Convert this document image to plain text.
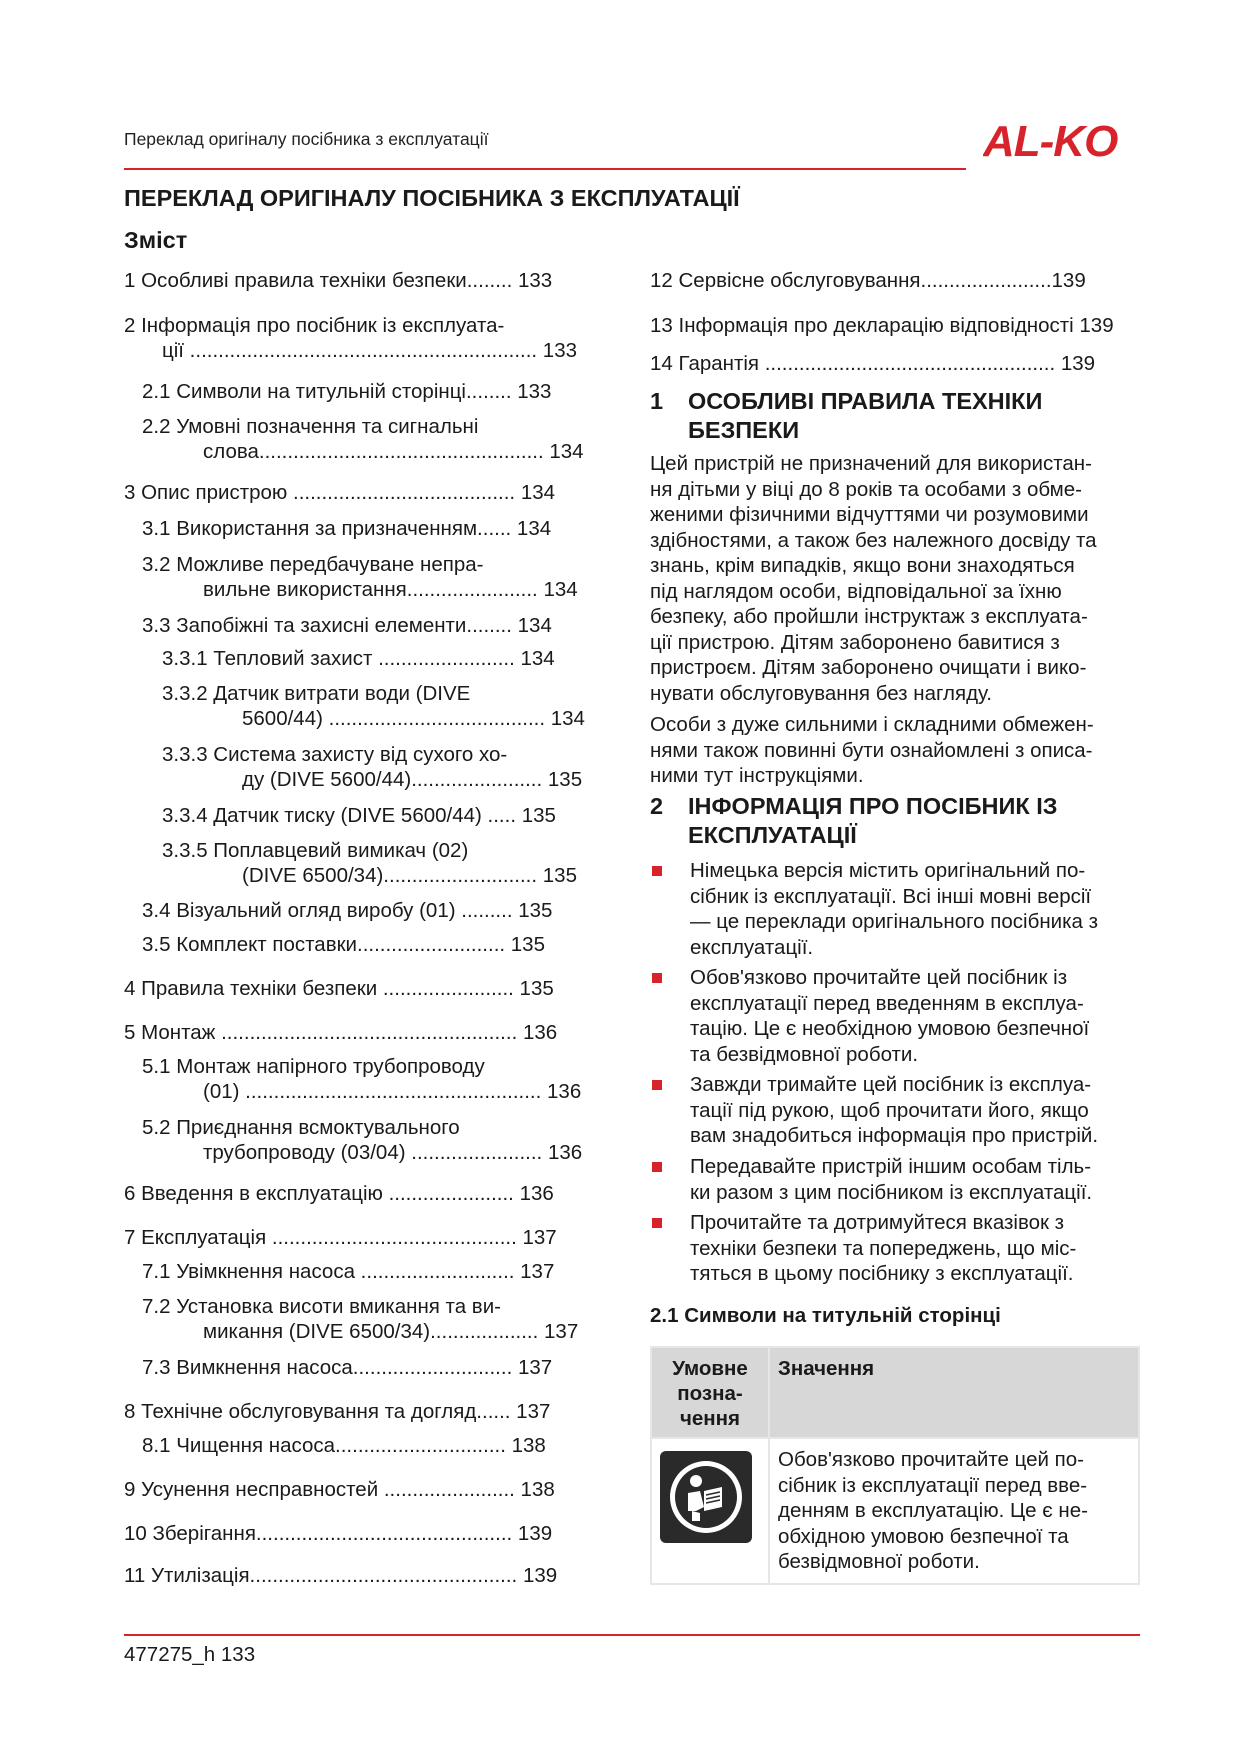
Переклад оригіналу посібника з експлуатації	AL-KO
ПЕРЕКЛАД ОРИГІНАЛУ ПОСІБНИКА З ЕКСПЛУАТАЦІЇ
Зміст
1 Особливі правила техніки безпеки........ 133
2 Інформація про посібник із експлуата-
ції ............................................................. 133
2.1 Символи на титульній сторінці........ 133
2.2 Умовні позначення та сигнальні
слова.................................................. 134
3 Опис пристрою ....................................... 134
3.1 Використання за призначенням...... 134
3.2 Можливе передбачуване непра-
вильне використання....................... 134
3.3 Запобіжні та захисні елементи........ 134
3.3.1 Тепловий захист ........................ 134
3.3.2 Датчик витрати води (DIVE
5600/44) ...................................... 134
3.3.3 Система захисту від сухого хо-
ду (DIVE 5600/44)....................... 135
3.3.4 Датчик тиску (DIVE 5600/44) ..... 135
3.3.5 Поплавцевий вимикач (02)
(DIVE 6500/34)........................... 135
3.4 Візуальний огляд виробу (01) ......... 135
3.5 Комплект поставки.......................... 135
4 Правила техніки безпеки ....................... 135
5 Монтаж .................................................... 136
5.1 Монтаж напірного трубопроводу
(01) .................................................... 136
5.2 Приєднання всмоктувального
трубопроводу (03/04) ....................... 136
6 Введення в експлуатацію ...................... 136
7 Експлуатація ........................................... 137
7.1 Увімкнення насоса ........................... 137
7.2 Установка висоти вмикання та ви-
микання (DIVE 6500/34)................... 137
7.3 Вимкнення насоса............................ 137
8 Технічне обслуговування та догляд...... 137
8.1 Чищення насоса.............................. 138
9 Усунення несправностей ....................... 138
10 Зберігання............................................. 139
11 Утилізація............................................... 139
12 Сервісне обслуговування.......................139
13 Інформація про декларацію відповідності 139
14 Гарантія ................................................... 139
1 ОСОБЛИВІ ПРАВИЛА ТЕХНІКИ
БЕЗПЕКИ
Цей пристрій не призначений для використан-
ня дітьми у віці до 8 років та особами з обме-
женими фізичними відчуттями чи розумовими
здібностями, а також без належного досвіду та
знань, крім випадків, якщо вони знаходяться
під наглядом особи, відповідальної за їхню
безпеку, або пройшли інструктаж з експлуата-
ції пристрою. Дітям заборонено бавитися з
пристроєм. Дітям заборонено очищати і вико-
нувати обслуговування без нагляду.
Особи з дуже сильними і складними обмежен-
нями також повинні бути ознайомлені з описа-
ними тут інструкціями.
2 ІНФОРМАЦІЯ ПРО ПОСІБНИК ІЗ
ЕКСПЛУАТАЦІЇ
Німецька версія містить оригінальний по-
сібник із експлуатації. Всі інші мовні версії
— це переклади оригінального посібника з
експлуатації.
Обов'язково прочитайте цей посібник із
експлуатації перед введенням в експлуа-
тацію. Це є необхідною умовою безпечної
та безвідмовної роботи.
Завжди тримайте цей посібник із експлуа-
тації під рукою, щоб прочитати його, якщо
вам знадобиться інформація про пристрій.
Передавайте пристрій іншим особам тіль-
ки разом з цим посібником із експлуатації.
Прочитайте та дотримуйтеся вказівок з
техніки безпеки та попереджень, що міс-
тяться в цьому посібнику з експлуатації.
2.1 Символи на титульній сторінці
Умовне
позна-
чення	Значення

Обов'язково прочитайте цей по-
сібник із експлуатації перед вве-
денням в експлуатацію. Це є не-
обхідною умовою безпечної та
безвідмовної роботи.
477275_h 133
